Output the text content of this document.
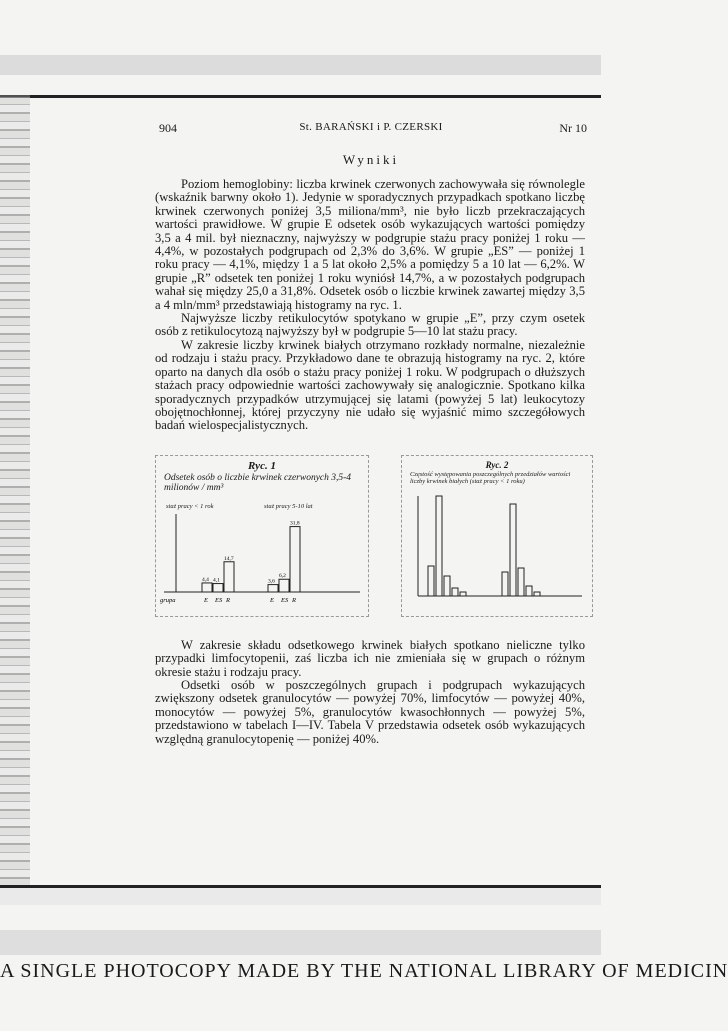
904	St. BARAŃSKI i P. CZERSKI	Nr 10
Wyniki

Poziom hemoglobiny: liczba krwinek czerwonych zachowywała się równolegle (wskaźnik barwny około 1). Jedynie w sporadycznych przypadkach spotkano liczbę krwinek czerwonych poniżej 3,5 miliona/mm³, nie było liczb przekraczających wartości prawidłowe. W grupie E odsetek osób wykazujących wartości pomiędzy 3,5 a 4 mil. był nieznaczny, najwyższy w podgrupie stażu pracy poniżej 1 roku — 4,4%, w pozostałych podgrupach od 2,3% do 3,6%. W grupie „ES” — poniżej 1 roku pracy — 4,1%, między 1 a 5 lat około 2,5% a pomiędzy 5 a 10 lat — 6,2%. W grupie „R” odsetek ten poniżej 1 roku wyniósł 14,7%, a w pozostałych podgrupach wahał się między 25,0 a 31,8%. Odsetek osób o liczbie krwinek zawartej między 3,5 a 4 mln/mm³ przedstawiają histogramy na ryc. 1.

Najwyższe liczby retikulocytów spotykano w grupie „E”, przy czym osetek osób z retikulocytozą najwyższy był w podgrupie 5—10 lat stażu pracy.

W zakresie liczby krwinek białych otrzymano rozkłady normalne, niezależnie od rodzaju i stażu pracy. Przykładowo dane te obrazują histogramy na ryc. 2, które oparto na danych dla osób o stażu pracy poniżej 1 roku. W podgrupach o dłuższych stażach pracy odpowiednie wartości zachowywały się analogicznie. Spotkano kilka sporadycznych przypadków utrzymującej się latami (powyżej 5 lat) leukocytozy obojętnochłonnej, której przyczyny nie udało się wyjaśnić mimo szczegółowych badań wielospecjalistycznych.

Ryc. 1
Odsetek osób o liczbie krwinek czerwonych 3,5-4 milionów / mm³
staż pracy < 1 rok	staż pracy 5-10 lat
grupa
4,4
E
4,1
ES
14,7
R
3,6
E
6,2
ES
31,8
R
Ryc. 2
Częstość występowania poszczególnych przedziałów wartości liczby krwinek białych (staż pracy < 1 roku)

W zakresie składu odsetkowego krwinek białych spotkano nieliczne tylko przypadki limfocytopenii, zaś liczba ich nie zmieniała się w grupach o różnym okresie stażu i rodzaju pracy.

Odsetki osób w poszczególnych grupach i podgrupach wykazujących zwiększony odsetek granulocytów — powyżej 70%, limfocytów — powyżej 40%, monocytów — powyżej 5%, granulocytów kwasochłonnych — powyżej 5%, przedstawiono w tabelach I—IV. Tabela V przedstawia odsetek osób wykazujących względną granulocytopenię — poniżej 40%.

A SINGLE PHOTOCOPY MADE BY THE NATIONAL LIBRARY OF MEDICIN
